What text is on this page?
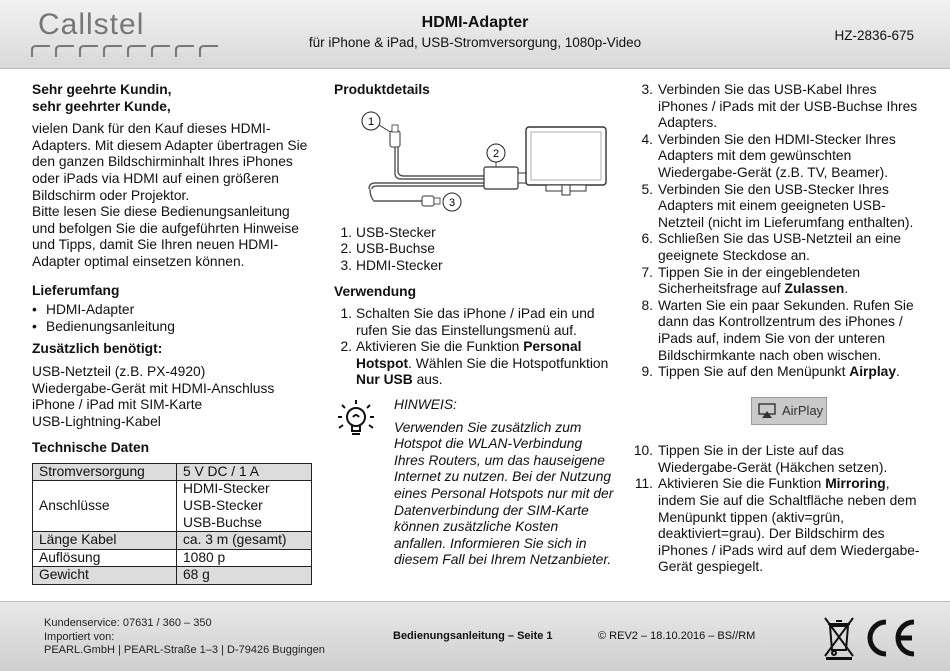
Callstel	HDMI-Adapter
für iPhone & iPad, USB-Stromversorgung, 1080p-Video	HZ-2836-675
Sehr geehrte Kundin,
sehr geehrter Kunde,

vielen Dank für den Kauf dieses HDMI-Adapters. Mit diesem Adapter übertragen Sie den ganzen Bildschirminhalt Ihres iPhones oder iPads via HDMI auf einen größeren Bildschirm oder Projektor.

Bitte lesen Sie diese Bedienungsanleitung und befolgen Sie die aufgeführten Hinweise und Tipps, damit Sie Ihren neuen HDMI-Adapter optimal einsetzen können.

Lieferumfang
• HDMI-Adapter
• Bedienungsanleitung
Zusätzlich benötigt:
USB-Netzteil (z.B. PX-4920)
Wiedergabe-Gerät mit HDMI-Anschluss
iPhone / iPad mit SIM-Karte
USB-Lightning-Kabel
Technische Daten
Stromversorgung	5 V DC / 1 A
Anschlüsse	HDMI-Stecker
USB-Stecker
USB-Buchse

Länge Kabel	ca. 3 m (gesamt)
Auflösung	1080 p
Gewicht	68 g
Produktdetails
1
2
3
1. USB-Stecker
2. USB-Buchse
3. HDMI-Stecker
Verwendung
1. Schalten Sie das iPhone / iPad ein und rufen Sie das Einstellungsmenü auf.
2. Aktivieren Sie die Funktion Personal Hotspot. Wählen Sie die Hotspotfunktion Nur USB aus.
HINWEIS:
Verwenden Sie zusätzlich zum Hotspot die WLAN-Verbindung Ihres Routers, um das hauseigene Internet zu nutzen. Bei der Nutzung eines Personal Hotspots nur mit der Datenverbindung der SIM-Karte können zusätzliche Kosten anfallen. Informieren Sie sich in diesem Fall bei Ihrem Netzanbieter.
3. Verbinden Sie das USB-Kabel Ihres iPhones / iPads mit der USB-Buchse Ihres Adapters.
4. Verbinden Sie den HDMI-Stecker Ihres Adapters mit dem gewünschten Wiedergabe-Gerät (z.B. TV, Beamer).
5. Verbinden Sie den USB-Stecker Ihres Adapters mit einem geeigneten USB-Netzteil (nicht im Lieferumfang enthalten).
6. Schließen Sie das USB-Netzteil an eine geeignete Steckdose an.
7. Tippen Sie in der eingeblendeten Sicherheitsfrage auf Zulassen.
8. Warten Sie ein paar Sekunden. Rufen Sie dann das Kontrollzentrum des iPhones / iPads auf, indem Sie von der unteren Bildschirmkante nach oben wischen.
9. Tippen Sie auf den Menüpunkt Airplay.
AirPlay
10. Tippen Sie in der Liste auf das Wiedergabe-Gerät (Häkchen setzen).
11. Aktivieren Sie die Funktion Mirroring, indem Sie auf die Schaltfläche neben dem Menüpunkt tippen (aktiv=grün, deaktiviert=grau). Der Bildschirm des iPhones / iPads wird auf dem Wiedergabe-Gerät gespiegelt.
Kundenservice: 07631 / 360 – 350
Importiert von:
PEARL.GmbH | PEARL-Straße 1–3 | D-79426 Buggingen
Bedienungsanleitung – Seite 1	© REV2 – 18.10.2016 – BS//RM
